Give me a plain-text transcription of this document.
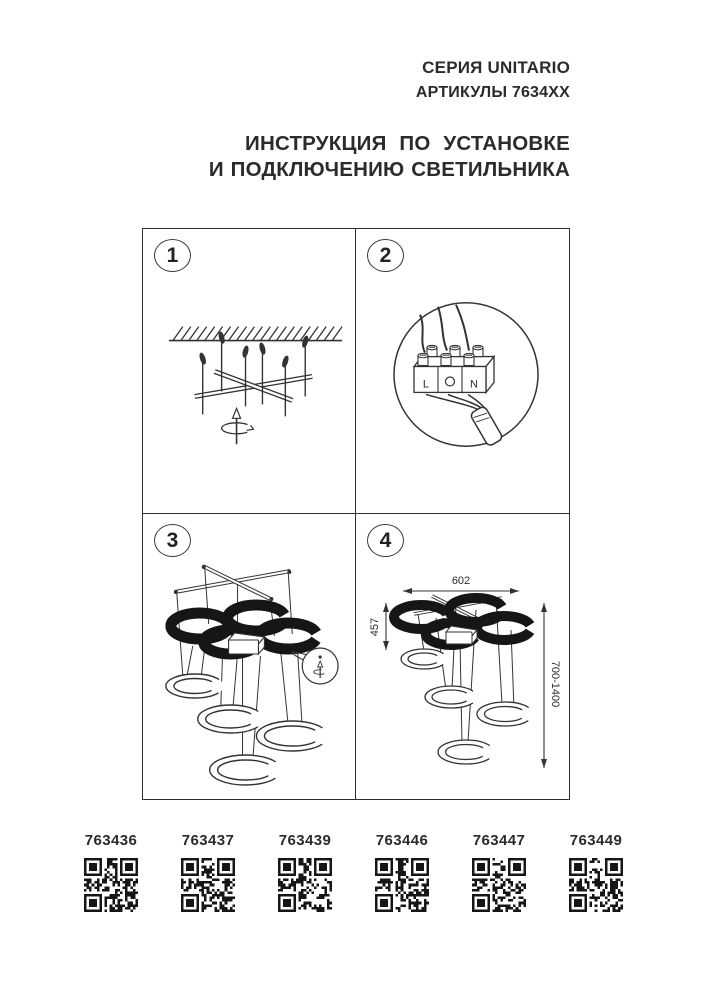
СЕРИЯ UNITARIO
АРТИКУЛЫ 7634ХХ
ИНСТРУКЦИЯ ПО УСТАНОВКЕ
И ПОДКЛЮЧЕНИЮ СВЕТИЛЬНИКА
1	2
L	N
3	4
602
457
700-1400
763436	763437	763439	763446	763447	763449
